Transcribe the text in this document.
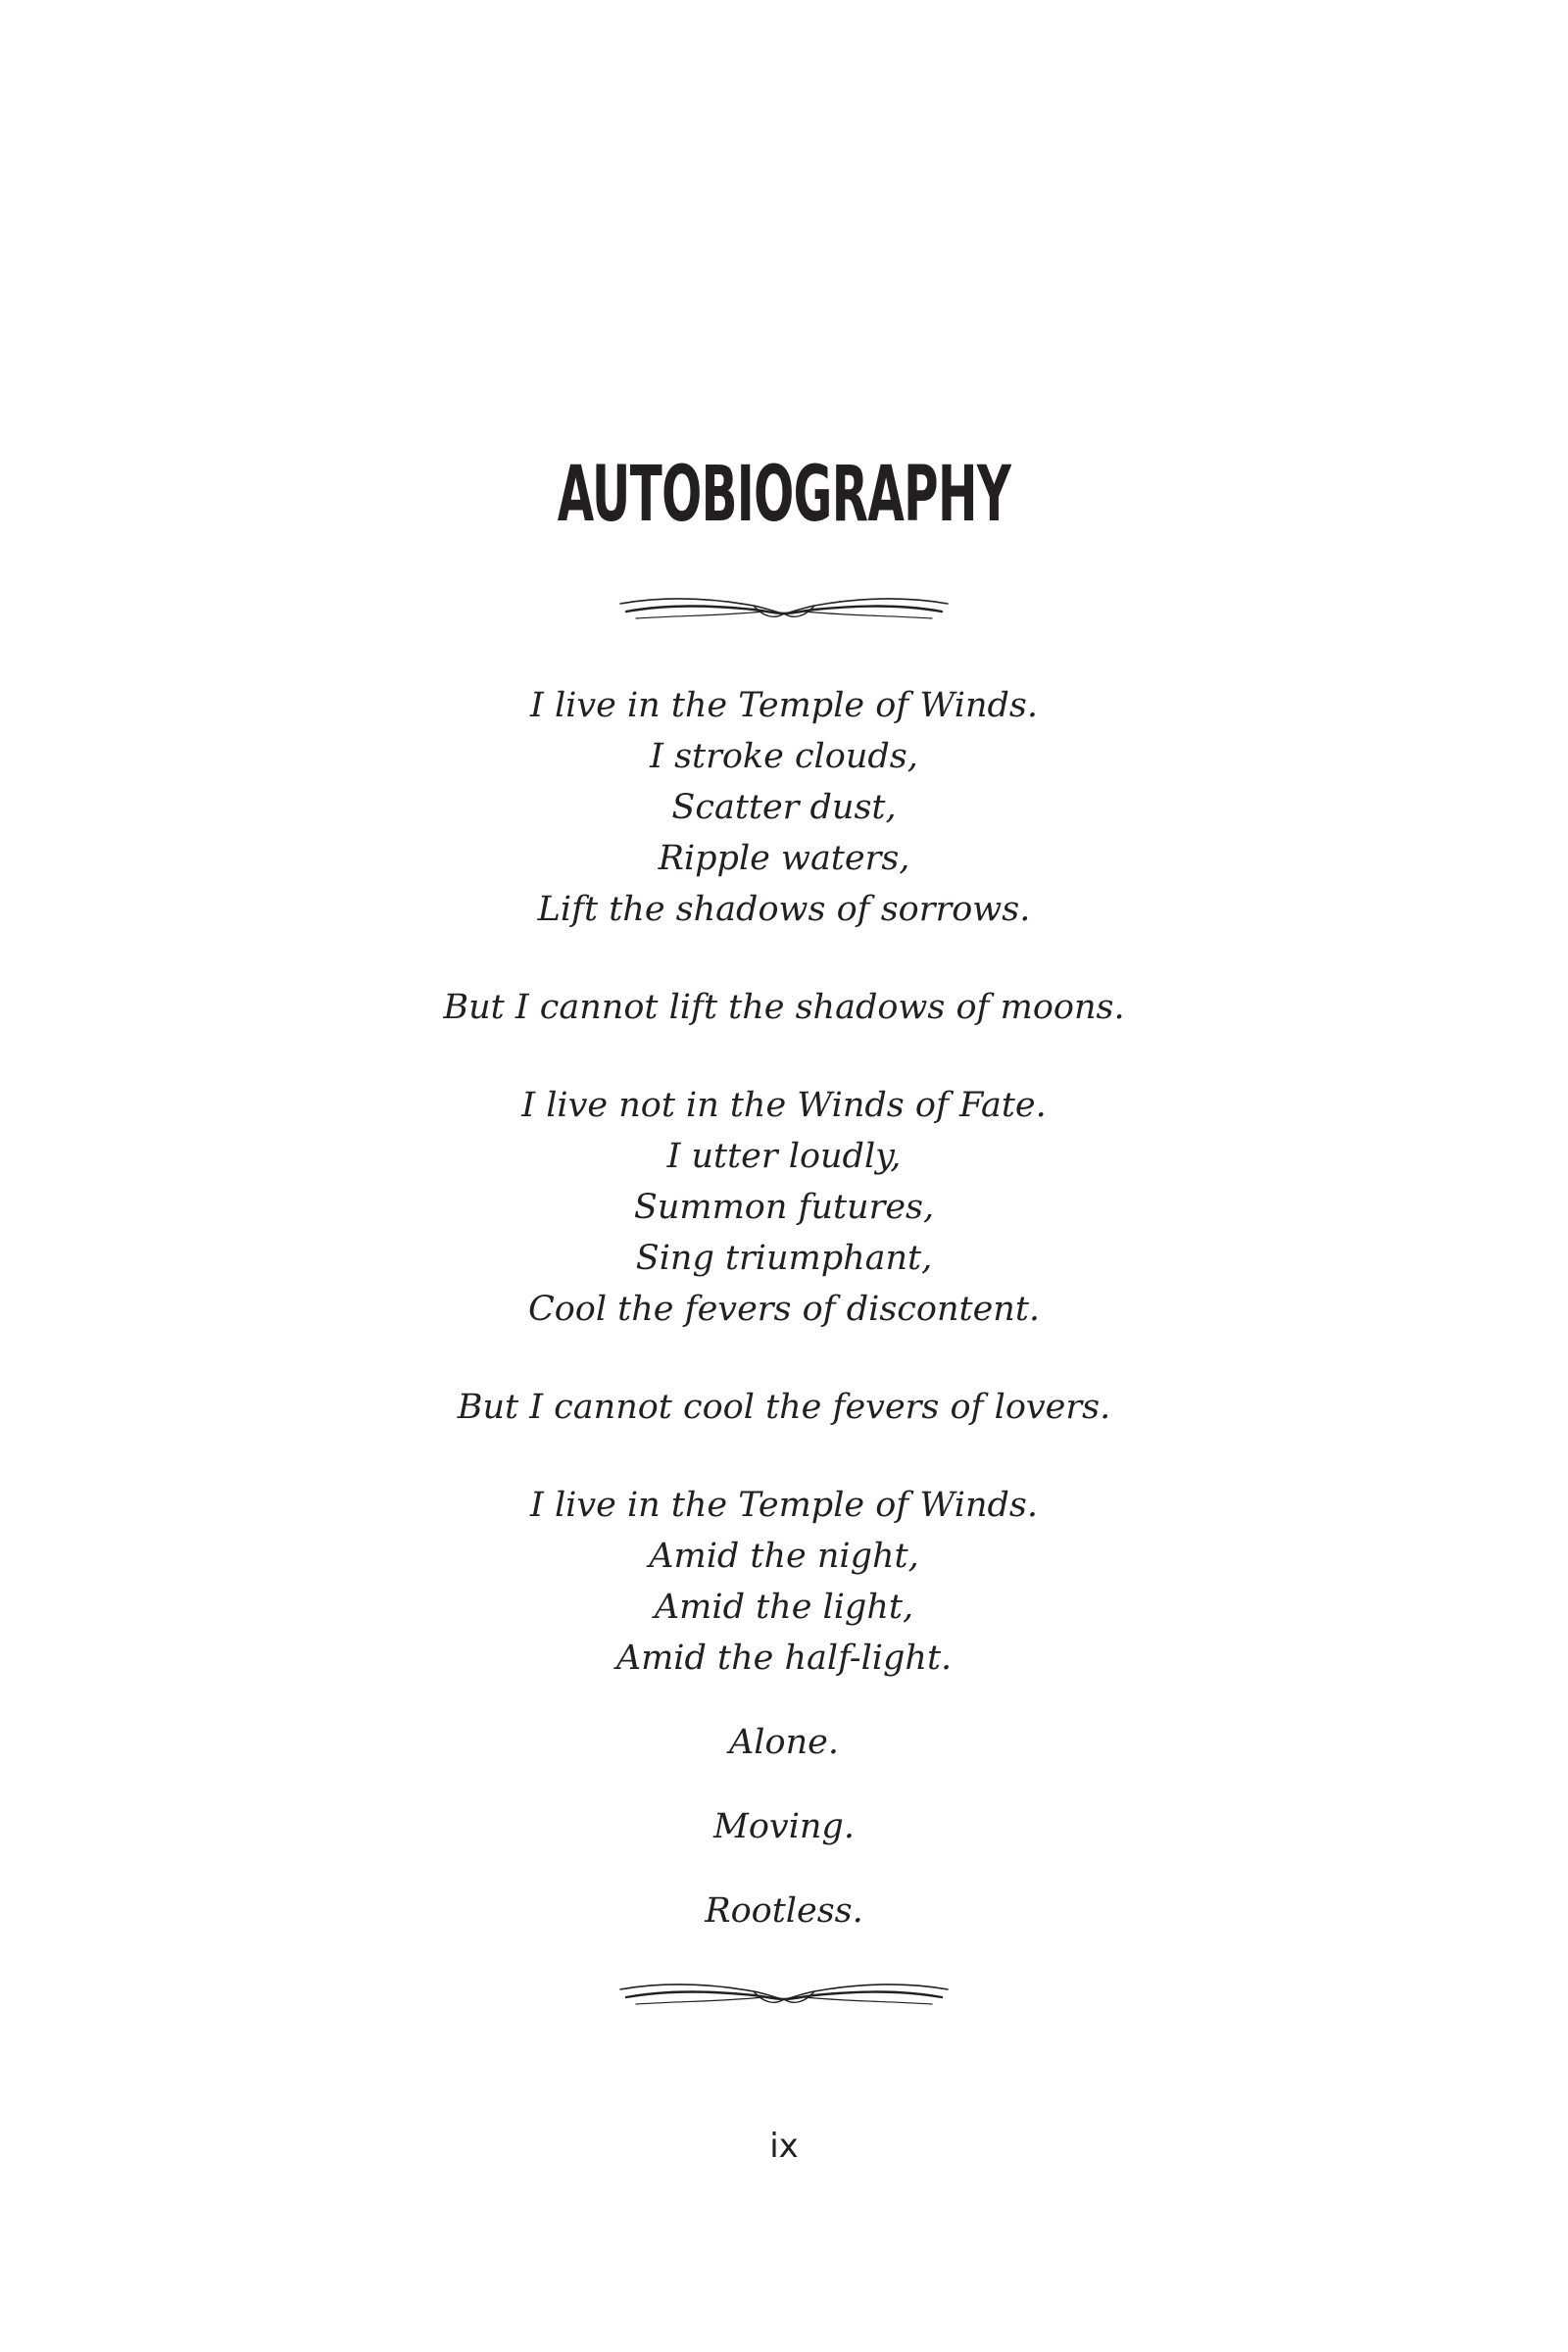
AUTOBIOGRAPHY

I live in the Temple of Winds.
I stroke clouds,
Scatter dust,
Ripple waters,
Lift the shadows of sorrows.

But I cannot lift the shadows of moons.

I live not in the Winds of Fate.
I utter loudly,
Summon futures,
Sing triumphant,
Cool the fevers of discontent.

But I cannot cool the fevers of lovers.

I live in the Temple of Winds.
Amid the night,
Amid the light,
Amid the half-light.

Alone.

Moving.

Rootless.

ix
